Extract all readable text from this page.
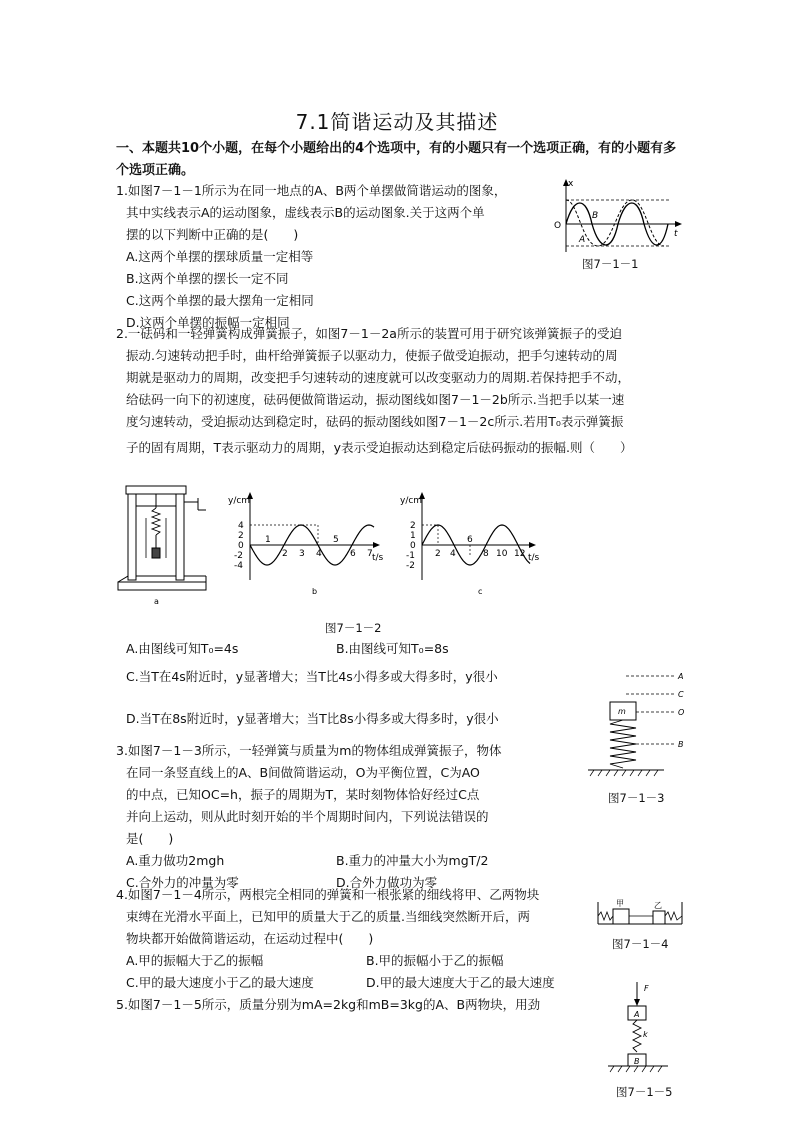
7.1简谐运动及其描述
一、本题共10个小题，在每个小题给出的4个选项中，有的小题只有一个选项正确，有的小题有多个选项正确。
1.如图7－1－1所示为在同一地点的A、B两个单摆做简谐运动的图象，
其中实线表示A的运动图象，虚线表示B的运动图象.关于这两个单
摆的以下判断中正确的是(　　)
A.这两个单摆的摆球质量一定相等
B.这两个单摆的摆长一定不同
C.这两个单摆的最大摆角一定相同
D.这两个单摆的振幅一定相同
x
O
t
B
A
图7－1－1
2.一砝码和一轻弹簧构成弹簧振子，如图7－1－2a所示的装置可用于研究该弹簧振子的受迫
振动.匀速转动把手时，曲杆给弹簧振子以驱动力，使振子做受迫振动，把手匀速转动的周
期就是驱动力的周期，改变把手匀速转动的速度就可以改变驱动力的周期.若保持把手不动，
给砝码一向下的初速度，砝码便做简谐运动，振动图线如图7－1－2b所示.当把手以某一速
度匀速转动，受迫振动达到稳定时，砝码的振动图线如图7－1－2c所示.若用T₀表示弹簧振
子的固有周期，T表示驱动力的周期，y表示受迫振动达到稳定后砝码振动的振幅.则（　　）
a
y/cm
t/s
4
2
0
-2
-4
1
2 3 4
5
6 7
b
y/cm
t/s
2
1
0
-1
-2
2 4
6
8 10 12
c
图7－1－2
A.由图线可知T₀=4s	B.由图线可知T₀=8s
C.当T在4s附近时，y显著增大；当T比4s小得多或大得多时，y很小
D.当T在8s附近时，y显著增大；当T比8s小得多或大得多时，y很小
A
C
O
B
m
图7－1－3
3.如图7－1－3所示，一轻弹簧与质量为m的物体组成弹簧振子，物体
在同一条竖直线上的A、B间做简谐运动，O为平衡位置，C为AO
的中点，已知OC=h，振子的周期为T，某时刻物体恰好经过C点
并向上运动，则从此时刻开始的半个周期时间内，下列说法错误的
是(　　)
A.重力做功2mgh	B.重力的冲量大小为mgT/2
C.合外力的冲量为零	D.合外力做功为零
4.如图7－1－4所示，两根完全相同的弹簧和一根张紧的细线将甲、乙两物块
束缚在光滑水平面上，已知甲的质量大于乙的质量.当细线突然断开后，两
物块都开始做简谐运动，在运动过程中(　　)
A.甲的振幅大于乙的振幅	B.甲的振幅小于乙的振幅
C.甲的最大速度小于乙的最大速度	D.甲的最大速度大于乙的最大速度
甲	乙
图7－1－4
5.如图7－1－5所示，质量分别为mA=2kg和mB=3kg的A、B两物块，用劲
F
A
k
B
图7－1－5
